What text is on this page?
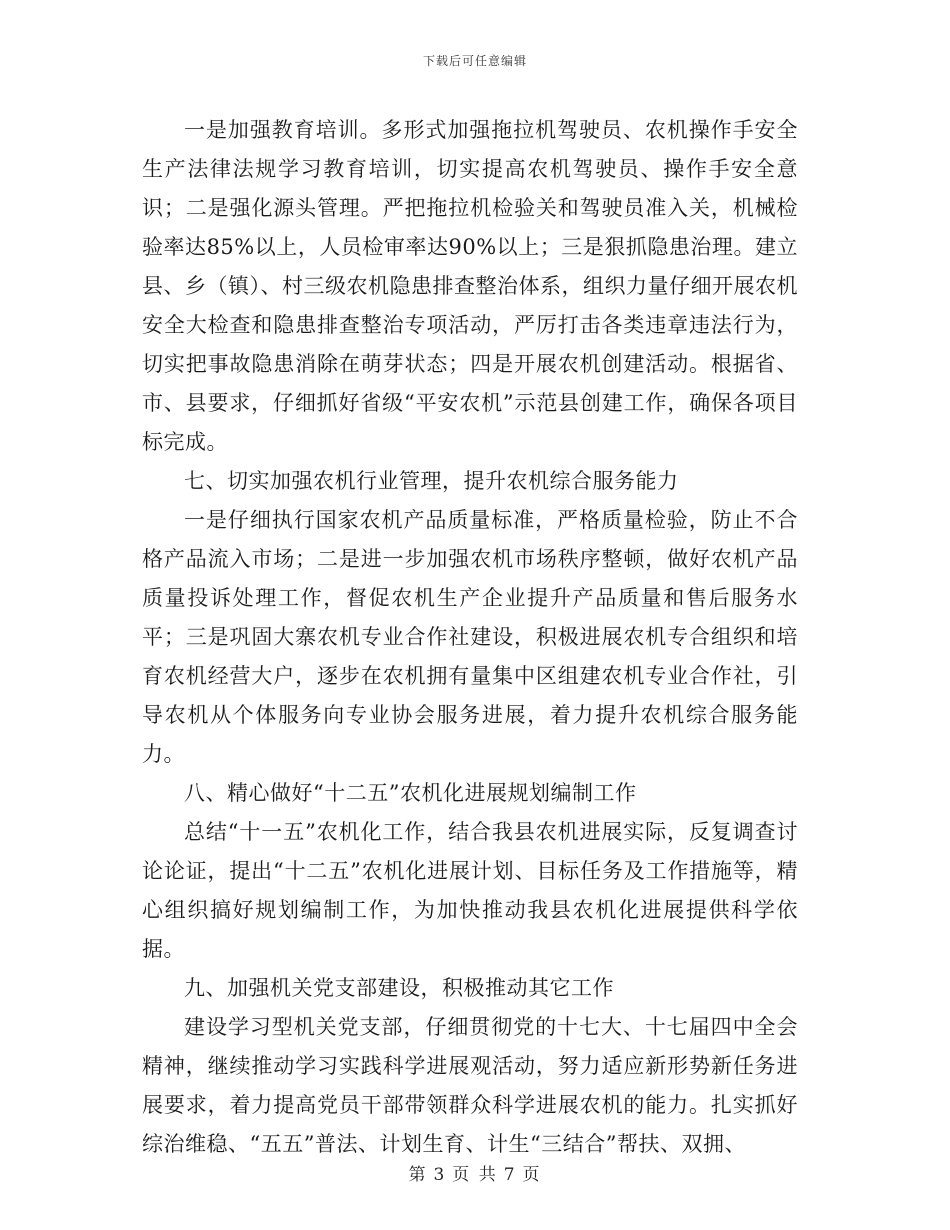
下载后可任意编辑

一是加强教育培训。多形式加强拖拉机驾驶员、农机操作手安全生产法律法规学习教育培训，切实提高农机驾驶员、操作手安全意识；二是强化源头管理。严把拖拉机检验关和驾驶员准入关，机械检验率达85%以上，人员检审率达90%以上；三是狠抓隐患治理。建立县、乡（镇）、村三级农机隐患排查整治体系，组织力量仔细开展农机安全大检查和隐患排查整治专项活动，严厉打击各类违章违法行为，切实把事故隐患消除在萌芽状态；四是开展农机创建活动。根据省、市、县要求，仔细抓好省级“平安农机”示范县创建工作，确保各项目标完成。

七、切实加强农机行业管理，提升农机综合服务能力

一是仔细执行国家农机产品质量标准，严格质量检验，防止不合格产品流入市场；二是进一步加强农机市场秩序整顿，做好农机产品质量投诉处理工作，督促农机生产企业提升产品质量和售后服务水平；三是巩固大寨农机专业合作社建设，积极进展农机专合组织和培育农机经营大户，逐步在农机拥有量集中区组建农机专业合作社，引导农机从个体服务向专业协会服务进展，着力提升农机综合服务能力。

八、精心做好“十二五”农机化进展规划编制工作

总结“十一五”农机化工作，结合我县农机进展实际，反复调查讨论论证，提出“十二五”农机化进展计划、目标任务及工作措施等，精心组织搞好规划编制工作，为加快推动我县农机化进展提供科学依据。

九、加强机关党支部建设，积极推动其它工作

建设学习型机关党支部，仔细贯彻党的十七大、十七届四中全会精神，继续推动学习实践科学进展观活动，努力适应新形势新任务进展要求，着力提高党员干部带领群众科学进展农机的能力。扎实抓好综治维稳、“五五”普法、计划生育、计生“三结合”帮扶、双拥、

第 3 页 共 7 页
